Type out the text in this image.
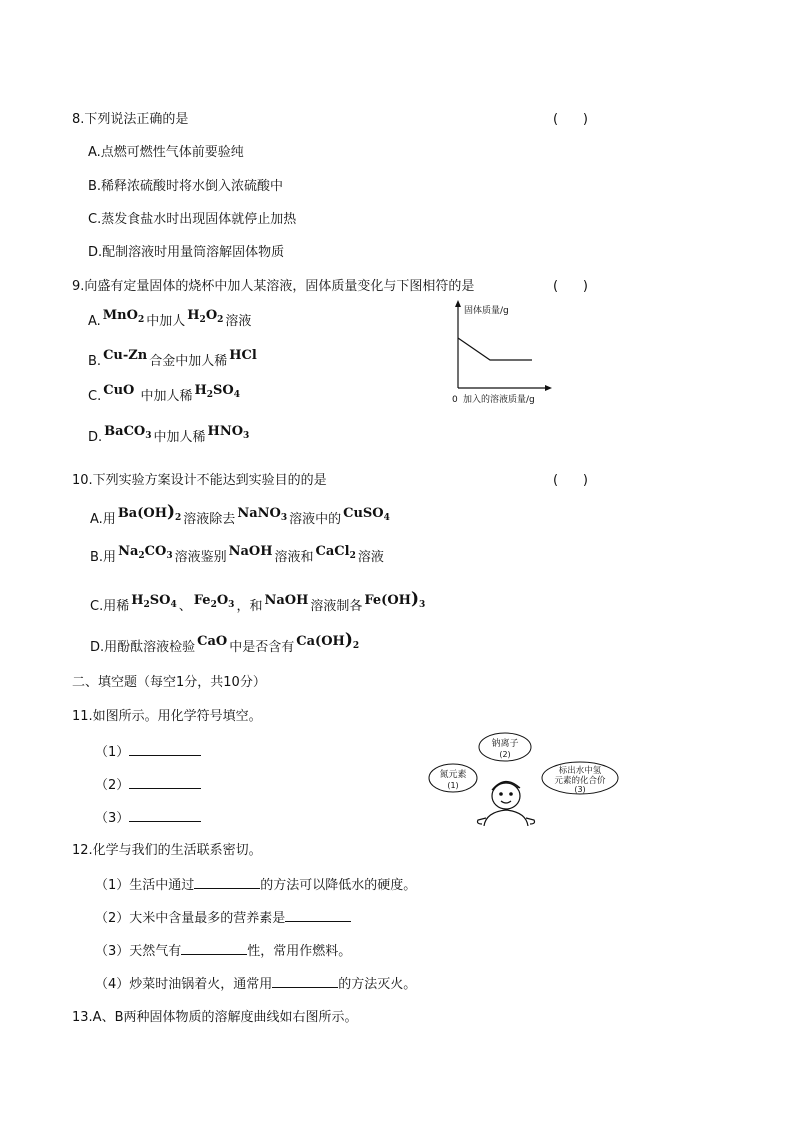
8.下列说法正确的是	(      )
A.点燃可燃性气体前要验纯
B.稀释浓硫酸时将水倒入浓硫酸中
C.蒸发食盐水时出现固体就停止加热
D.配制溶液时用量筒溶解固体物质
9.向盛有定量固体的烧杯中加人某溶液，固体质量变化与下图相符的是	(      )
A. MnO$_2$ 中加人 $H_2O_2$ 溶液
B. Cu-Zn 合金中加人稀 HCl
C. CuO 中加人稀 $H_2SO_4$
D. BaCO$_3$ 中加人稀 $HNO_3$
固体质量/g
0 加入的溶液质量/g
10.下列实验方案设计不能达到实验目的的是	(      )
A.用 $Ba(OH)_2$ 溶液除去 NaNO$_3$ 溶液中的 CuSO$_4$
B.用 $Na_2CO_3$ 溶液鉴别 NaOH 溶液和 CaCl$_2$ 溶液
C.用稀 $H_2SO_4$ 、 $Fe_2O_3$ ，和 NaOH 溶液制各 $Fe(OH)_3$
D.用酚酞溶液检验 CaO 中是否含有 $Ca(OH)_2$
二、填空题（每空1分，共10分）
11.如图所示。用化学符号填空。
（1）
（2）
（3）
钠离子
(2)
氮元素
(1)
标出水中氢
元素的化合价
(3)
12.化学与我们的生活联系密切。
（1）生活中通过	的方法可以降低水的硬度。
（2）大米中含量最多的营养素是
（3）天然气有	性，常用作燃料。
（4）炒菜时油锅着火，通常用	的方法灭火。
13.A、B两种固体物质的溶解度曲线如右图所示。
